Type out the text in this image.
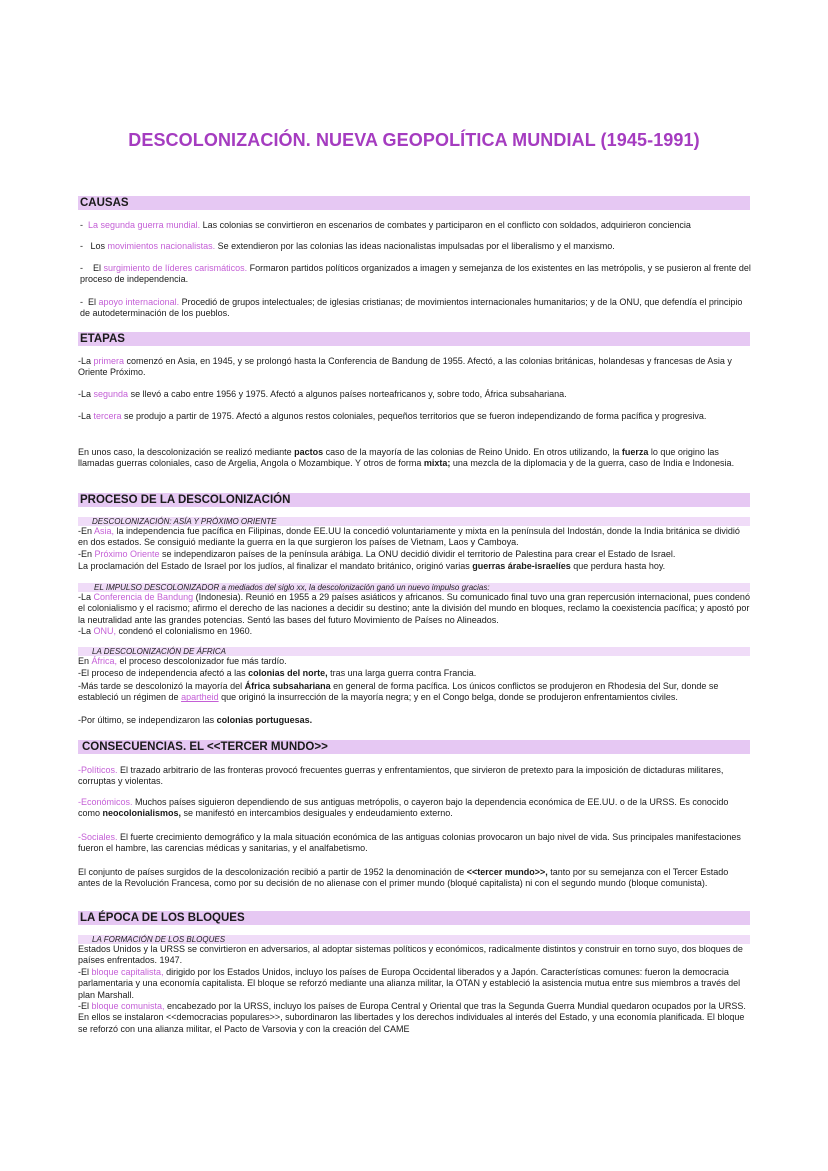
DESCOLONIZACIÓN. NUEVA GEOPOLÍTICA MUNDIAL (1945-1991)
CAUSAS
- La segunda guerra mundial. Las colonias se convirtieron en escenarios de combates y participaron en el conflicto con soldados, adquirieron conciencia
- Los movimientos nacionalistas. Se extendieron por las colonias las ideas nacionalistas impulsadas por el liberalismo y el marxismo.
- El surgimiento de líderes carismáticos. Formaron partidos políticos organizados a imagen y semejanza de los existentes en las metrópolis, y se pusieron al frente del proceso de independencia.
- El apoyo internacional. Procedió de grupos intelectuales; de iglesias cristianas; de movimientos internacionales humanitarios; y de la ONU, que defendía el principio de autodeterminación de los pueblos.
ETAPAS
-La primera comenzó en Asia, en 1945, y se prolongó hasta la Conferencia de Bandung de 1955. Afectó, a las colonias británicas, holandesas y francesas de Asia y Oriente Próximo.
-La segunda se llevó a cabo entre 1956 y 1975. Afectó a algunos países norteafricanos y, sobre todo, África subsahariana.
-La tercera se produjo a partir de 1975. Afectó a algunos restos coloniales, pequeños territorios que se fueron independizando de forma pacífica y progresiva.
En unos caso, la descolonización se realizó mediante pactos caso de la mayoría de las colonias de Reino Unido. En otros utilizando, la fuerza lo que origino las llamadas guerras coloniales, caso de Argelia, Angola o Mozambique. Y otros de forma mixta; una mezcla de la diplomacia y de la guerra, caso de India e Indonesia.
PROCESO DE LA DESCOLONIZACIÓN
DESCOLONIZACIÓN: ASÍA Y PRÓXIMO ORIENTE
-En Asia, la independencia fue pacífica en Filipinas, donde EE.UU la concedió voluntariamente y mixta en la península del Indostán, donde la India británica se dividió en dos estados. Se consiguió mediante la guerra en la que surgieron los países de Vietnam, Laos y Camboya.
-En Próximo Oriente se independizaron países de la península arábiga. La ONU decidió dividir el territorio de Palestina para crear el Estado de Israel.
La proclamación del Estado de Israel por los judíos, al finalizar el mandato británico, originó varias guerras árabe-israelíes que perdura hasta hoy.
EL IMPULSO DESCOLONIZADOR a mediados del siglo xx, la descolonización ganó un nuevo impulso gracias:
-La Conferencia de Bandung (Indonesia). Reunió en 1955 a 29 países asiáticos y africanos. Su comunicado final tuvo una gran repercusión internacional, pues condenó el colonialismo y el racismo; afirmo el derecho de las naciones a decidir su destino; ante la división del mundo en bloques, reclamo la coexistencia pacífica; y apostó por la neutralidad ante las grandes potencias. Sentó las bases del futuro Movimiento de Países no Alineados.
-La ONU, condenó el colonialismo en 1960.
LA DESCOLONIZACIÓN DE ÁFRICA
En África, el proceso descolonizador fue más tardío.
-El proceso de independencia afectó a las colonias del norte, tras una larga guerra contra Francia.
-Más tarde se descolonizó la mayoría del África subsahariana en general de forma pacífica. Los únicos conflictos se produjeron en Rhodesia del Sur, donde se estableció un régimen de apartheid que originó la insurrección de la mayoría negra; y en el Congo belga, donde se produjeron enfrentamientos civiles.
-Por último, se independizaron las colonias portuguesas.
CONSECUENCIAS. EL <<TERCER MUNDO>>
-Políticos. El trazado arbitrario de las fronteras provocó frecuentes guerras y enfrentamientos, que sirvieron de pretexto para la imposición de dictaduras militares, corruptas y violentas.
-Económicos. Muchos países siguieron dependiendo de sus antiguas metrópolis, o cayeron bajo la dependencia económica de EE.UU. o de la URSS. Es conocido como neocolonialismos, se manifestó en intercambios desiguales y endeudamiento externo.
-Sociales. El fuerte crecimiento demográfico y la mala situación económica de las antiguas colonias provocaron un bajo nivel de vida. Sus principales manifestaciones fueron el hambre, las carencias médicas y sanitarias, y el analfabetismo.
El conjunto de países surgidos de la descolonización recibió a partir de 1952 la denominación de <<tercer mundo>>, tanto por su semejanza con el Tercer Estado antes de la Revolución Francesa, como por su decisión de no alienase con el primer mundo (bloqué capitalista) ni con el segundo mundo (bloque comunista).
LA ÉPOCA DE LOS BLOQUES
LA FORMACIÓN DE LOS BLOQUES
Estados Unidos y la URSS se convirtieron en adversarios, al adoptar sistemas políticos y económicos, radicalmente distintos y construir en torno suyo, dos bloques de países enfrentados. 1947.
-El bloque capitalista, dirigido por los Estados Unidos, incluyo los países de Europa Occidental liberados y a Japón. Características comunes: fueron la democracia parlamentaria y una economía capitalista. El bloque se reforzó mediante una alianza militar, la OTAN y estableció la asistencia mutua entre sus miembros a través del plan Marshall.
-El bloque comunista, encabezado por la URSS, incluyo los países de Europa Central y Oriental que tras la Segunda Guerra Mundial quedaron ocupados por la URSS. En ellos se instalaron <<democracias populares>>, subordinaron las libertades y los derechos individuales al interés del Estado, y una economía planificada. El bloque se reforzó con una alianza militar, el Pacto de Varsovia y con la creación del CAME
